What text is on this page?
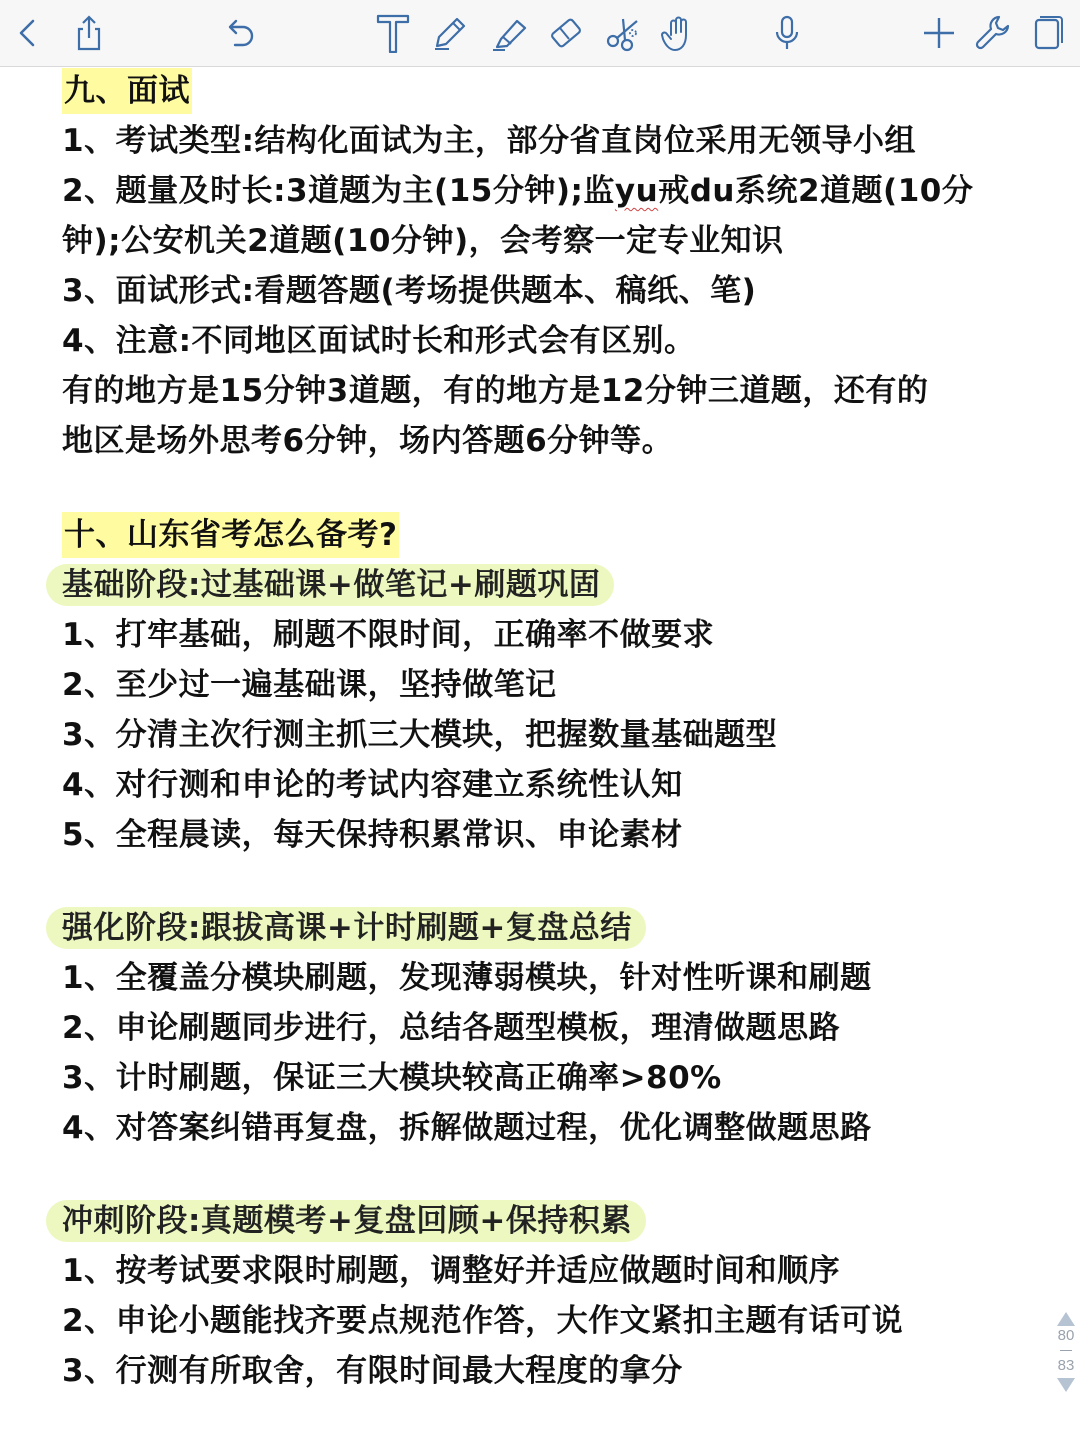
九、面试
1、考试类型:结构化面试为主，部分省直岗位采用无领导小组
2、题量及时长:3道题为主(15分钟);监yu戒du系统2道题(10分
钟);公安机关2道题(10分钟)，会考察一定专业知识
3、面试形式:看题答题(考场提供题本、稿纸、笔)
4、注意:不同地区面试时长和形式会有区别。
有的地方是15分钟3道题，有的地方是12分钟三道题，还有的
地区是场外思考6分钟，场内答题6分钟等。
十、山东省考怎么备考?
基础阶段:过基础课+做笔记+刷题巩固
1、打牢基础，刷题不限时间，正确率不做要求
2、至少过一遍基础课，坚持做笔记
3、分清主次行测主抓三大模块，把握数量基础题型
4、对行测和申论的考试内容建立系统性认知
5、全程晨读，每天保持积累常识、申论素材
强化阶段:跟拔高课+计时刷题+复盘总结
1、全覆盖分模块刷题，发现薄弱模块，针对性听课和刷题
2、申论刷题同步进行，总结各题型模板，理清做题思路
3、计时刷题，保证三大模块较高正确率>80%
4、对答案纠错再复盘，拆解做题过程，优化调整做题思路
冲刺阶段:真题模考+复盘回顾+保持积累
1、按考试要求限时刷题，调整好并适应做题时间和顺序
2、申论小题能找齐要点规范作答，大作文紧扣主题有话可说
3、行测有所取舍，有限时间最大程度的拿分
80
83
